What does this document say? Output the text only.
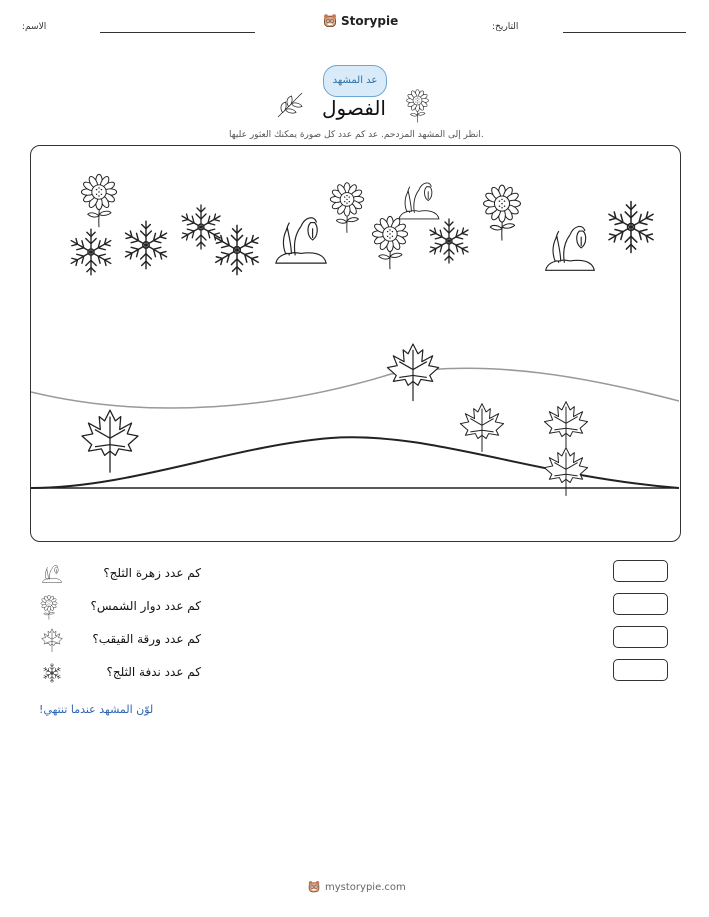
:الاسم	Storypie	:التاريخ
عد المشهد
الفصول
انظر إلى المشهد المزدحم. عد كم عدد كل صورة يمكنك العثور عليها.
كم عدد زهرة الثلج؟
كم عدد دوار الشمس؟
كم عدد ورقة القيقب؟
كم عدد ندفة الثلج؟
لوّن المشهد عندما تنتهي!
mystorypie.com
